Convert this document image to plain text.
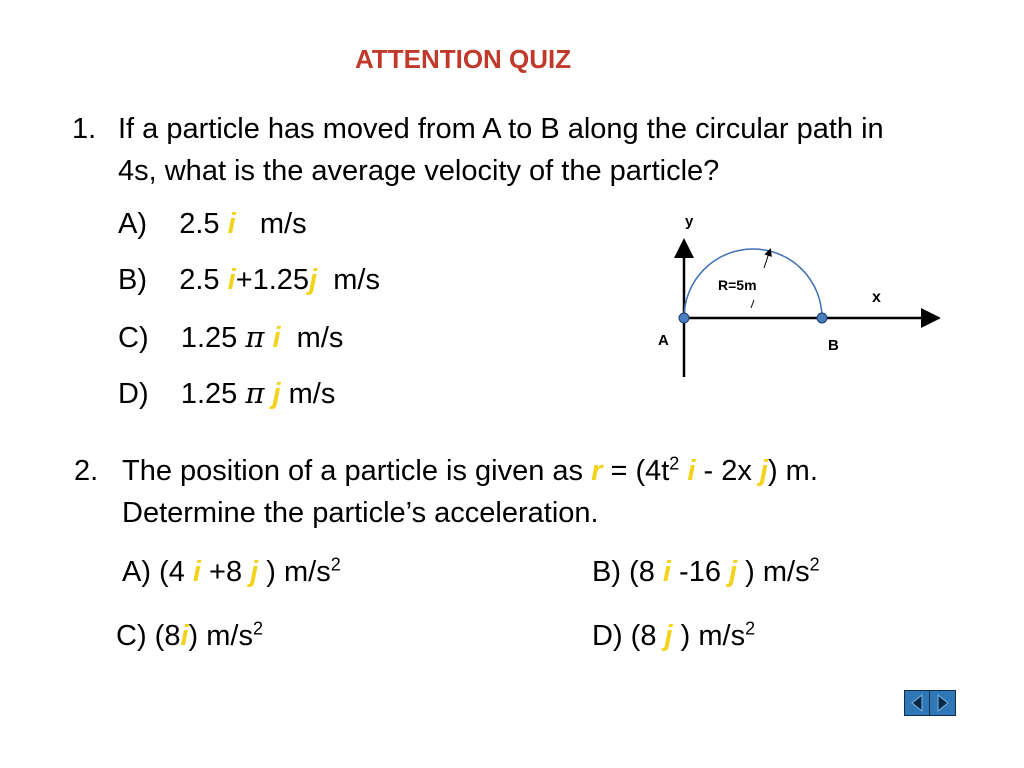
ATTENTION QUIZ
1. If a particle has moved from A to B along the circular path in
4s, what is the average velocity of the particle?
A) 2.5 i m/s
B) 2.5 i+1.25j m/s
C) 1.25 π i m/s
D) 1.25 π j m/s
y
x
R=5m
A	B
2. The position of a particle is given as $r = (4t^2$ i - 2x j) m.
Determine the particle’s acceleration.
A) (4 i +8 j ) $m/s^2$	B) (8 i -16 j ) $m/s^2$
C) (8i) $m/s^2$	D) (8 j ) $m/s^2$
